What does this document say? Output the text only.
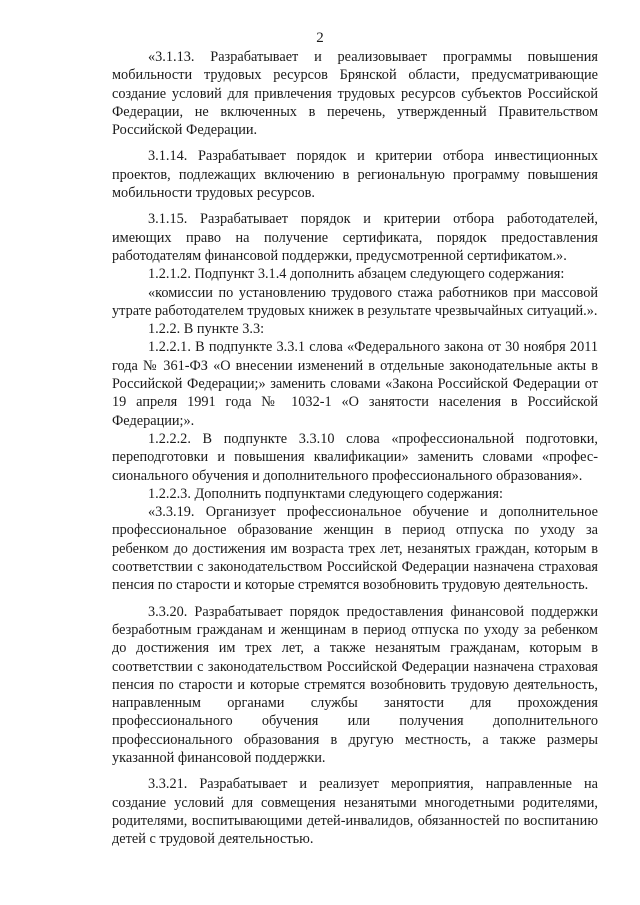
2

«3.1.13. Разрабатывает и реализовывает программы повышения мобильности трудовых ресурсов Брянской области, предусматривающие создание условий для привлечения трудовых ресурсов субъектов Российской Федерации, не включенных в перечень, утвержденный Правительством Российской Федерации.

3.1.14. Разрабатывает порядок и критерии отбора инвестиционных проектов, подлежащих включению в региональную программу повышения мобильности трудовых ресурсов.

3.1.15. Разрабатывает порядок и критерии отбора работодателей, имеющих право на получение сертификата, порядок предоставления работодателям финансовой поддержки, предусмотренной сертификатом.».

1.2.1.2. Подпункт 3.1.4 дополнить абзацем следующего содержания:

«комиссии по установлению трудового стажа работников при массовой утрате работодателем трудовых книжек в результате чрезвычайных ситуаций.».

1.2.2. В пункте 3.3:

1.2.2.1. В подпункте 3.3.1 слова «Федерального закона от 30 ноября 2011 года № 361-ФЗ «О внесении изменений в отдельные законодательные акты в Российской Федерации;» заменить словами «Закона Российской Федерации от 19 апреля 1991 года № 1032-1 «О занятости населения в Российской Федерации;».

1.2.2.2. В подпункте 3.3.10 слова «профессиональной подготовки, переподготовки и повышения квалификации» заменить словами «профессионального обучения и дополнительного профессионального образования».

1.2.2.3. Дополнить подпунктами следующего содержания:

«3.3.19. Организует профессиональное обучение и дополнительное профессиональное образование женщин в период отпуска по уходу за ребенком до достижения им возраста трех лет, незанятых граждан, которым в соответствии с законодательством Российской Федерации назначена страховая пенсия по старости и которые стремятся возобновить трудовую деятельность.

3.3.20. Разрабатывает порядок предоставления финансовой поддержки безработным гражданам и женщинам в период отпуска по уходу за ребенком до достижения им трех лет, а также незанятым гражданам, которым в соответствии с законодательством Российской Федерации назначена страховая пенсия по старости и которые стремятся возобновить трудовую деятельность, направленным органами службы занятости для прохождения профессионального обучения или получения дополнительного профессионального образования в другую местность, а также размеры указанной финансовой поддержки.

3.3.21. Разрабатывает и реализует мероприятия, направленные на создание условий для совмещения незанятыми многодетными родителями, родителями, воспитывающими детей-инвалидов, обязанностей по воспитанию детей с трудовой деятельностью.
